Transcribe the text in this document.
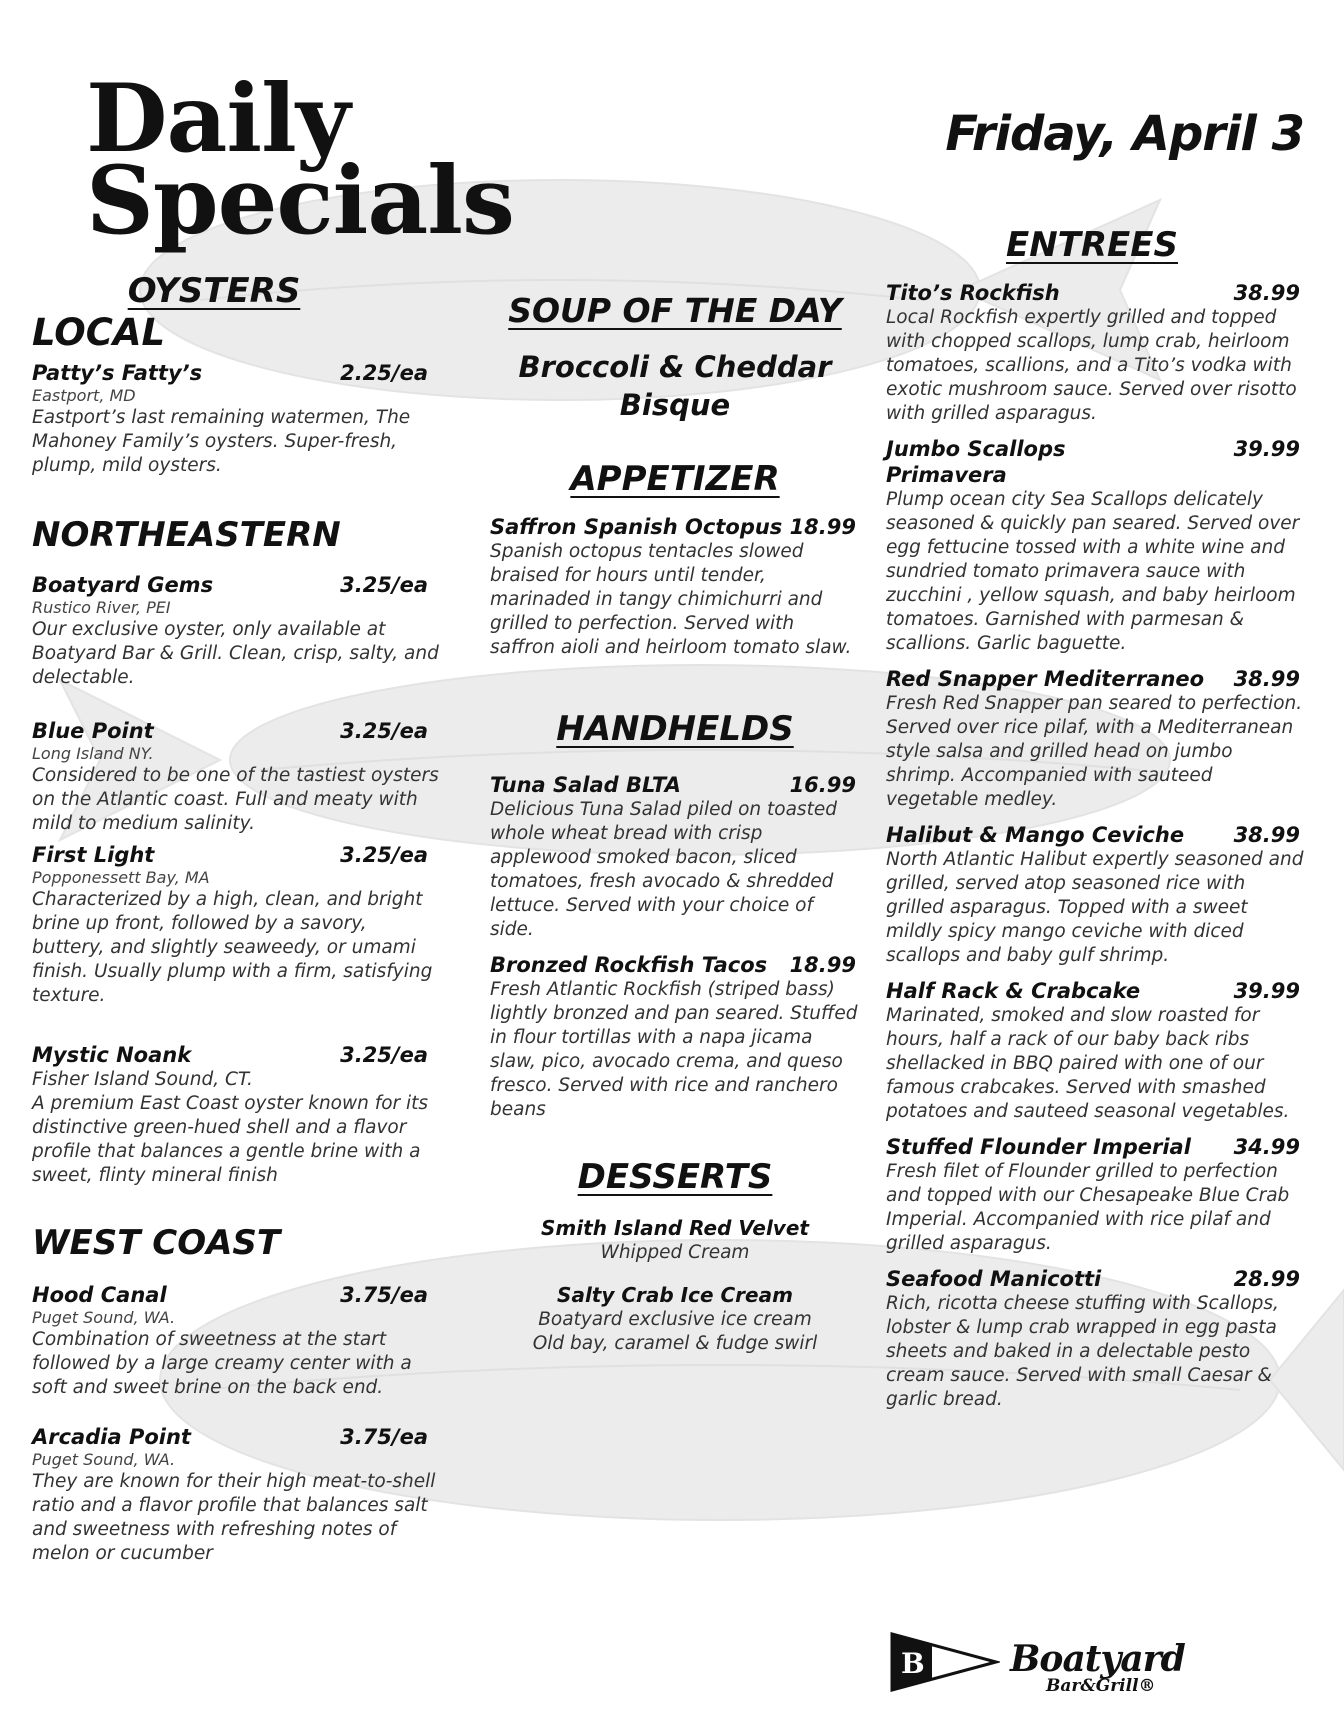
Daily
Specials
Friday, April 3
OYSTERS
LOCAL
Patty’s Fatty’s	2.25/ea
Eastport, MD
Eastport’s last remaining watermen, The Mahoney Family’s oysters. Super-fresh, plump, mild oysters.
NORTHEASTERN
Boatyard Gems	3.25/ea
Rustico River, PEI
Our exclusive oyster, only available at Boatyard Bar & Grill. Clean, crisp, salty, and delectable.
Blue Point	3.25/ea
Long Island NY.
Considered to be one of the tastiest oysters on the Atlantic coast. Full and meaty with mild to medium salinity.
First Light	3.25/ea
Popponessett Bay, MA
Characterized by a high, clean, and bright brine up front, followed by a savory, buttery, and slightly seaweedy, or umami finish. Usually plump with a firm, satisfying texture.
Mystic Noank	3.25/ea
Fisher Island Sound, CT.
A premium East Coast oyster known for its distinctive green-hued shell and a flavor profile that balances a gentle brine with a sweet, flinty mineral finish
WEST COAST
Hood Canal	3.75/ea
Puget Sound, WA.
Combination of sweetness at the start followed by a large creamy center with a soft and sweet brine on the back end.
Arcadia Point	3.75/ea
Puget Sound, WA.
They are known for their high meat-to-shell ratio and a flavor profile that balances salt and sweetness with refreshing notes of melon or cucumber
SOUP OF THE DAY
Broccoli & Cheddar Bisque
APPETIZER
Saffron Spanish Octopus 18.99
Spanish octopus tentacles slowed braised for hours until tender, marinaded in tangy chimichurri and grilled to perfection. Served with saffron aioli and heirloom tomato slaw.
HANDHELDS
Tuna Salad BLTA	16.99
Delicious Tuna Salad piled on toasted whole wheat bread with crisp applewood smoked bacon, sliced tomatoes, fresh avocado & shredded lettuce. Served with your choice of side.
Bronzed Rockfish Tacos 18.99
Fresh Atlantic Rockfish (striped bass) lightly bronzed and pan seared. Stuffed in flour tortillas with a napa jicama slaw, pico, avocado crema, and queso fresco. Served with rice and ranchero beans
DESSERTS
Smith Island Red Velvet
Whipped Cream
Salty Crab Ice Cream
Boatyard exclusive ice cream
Old bay, caramel & fudge swirl
ENTREES
Tito’s Rockfish	38.99
Local Rockfish expertly grilled and topped with chopped scallops, lump crab, heirloom tomatoes, scallions, and a Tito’s vodka with exotic mushroom sauce. Served over risotto with grilled asparagus.
Jumbo Scallops Primavera
39.99
Plump ocean city Sea Scallops delicately seasoned & quickly pan seared. Served over egg fettucine tossed with a white wine and sundried tomato primavera sauce with zucchini , yellow squash, and baby heirloom tomatoes. Garnished with parmesan & scallions. Garlic baguette.
Red Snapper Mediterraneo 38.99
Fresh Red Snapper pan seared to perfection. Served over rice pilaf, with a Mediterranean style salsa and grilled head on jumbo shrimp. Accompanied with sauteed vegetable medley.
Halibut & Mango Ceviche 38.99
North Atlantic Halibut expertly seasoned and grilled, served atop seasoned rice with grilled asparagus. Topped with a sweet mildly spicy mango ceviche with diced scallops and baby gulf shrimp.
Half Rack & Crabcake	39.99
Marinated, smoked and slow roasted for hours, half a rack of our baby back ribs shellacked in BBQ paired with one of our famous crabcakes. Served with smashed potatoes and sauteed seasonal vegetables.
Stuffed Flounder Imperial 34.99
Fresh filet of Flounder grilled to perfection and topped with our Chesapeake Blue Crab Imperial. Accompanied with rice pilaf and grilled asparagus.
Seafood Manicotti	28.99
Rich, ricotta cheese stuffing with Scallops, lobster & lump crab wrapped in egg pasta sheets and baked in a delectable pesto cream sauce. Served with small Caesar & garlic bread.
B Boatyard
Bar&Grill®
